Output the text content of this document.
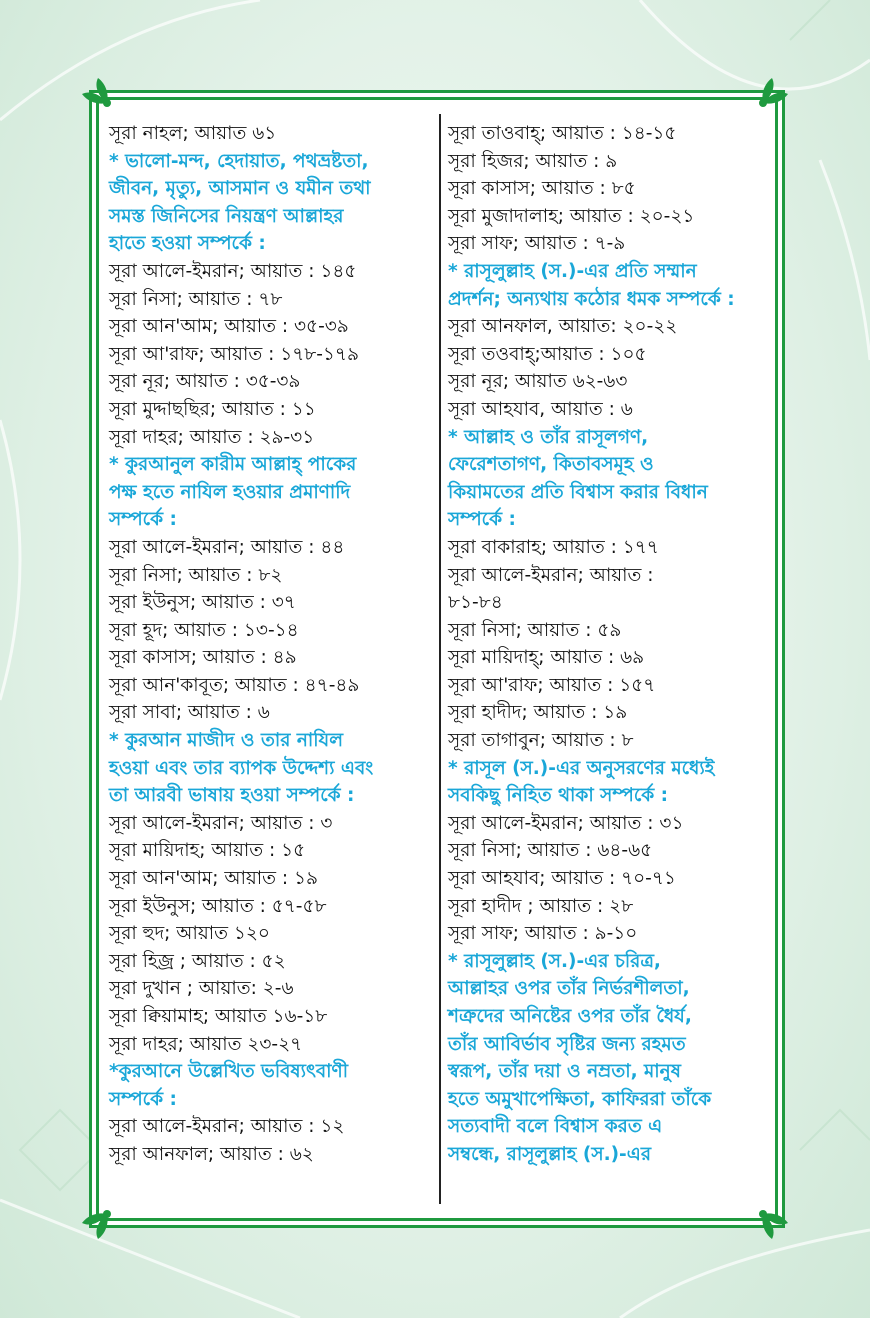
সূরা নাহল; আয়াত ৬১
* ভালো-মন্দ, হেদায়াত, পথভ্রষ্টতা,
জীবন, মৃত্যু, আসমান ও যমীন তথা
সমস্ত জিনিসের নিয়ন্ত্রণ আল্লাহর
হাতে হওয়া সম্পর্কে :
সূরা আলে-ইমরান; আয়াত : ১৪৫
সূরা নিসা; আয়াত : ৭৮
সূরা আন'আম; আয়াত : ৩৫-৩৯
সূরা আ'রাফ; আয়াত : ১৭৮-১৭৯
সূরা নূর; আয়াত : ৩৫-৩৯
সূরা মুদ্দাছছির; আয়াত : ১১
সূরা দাহর; আয়াত : ২৯-৩১
* কুরআনুল কারীম আল্লাহ্ পাকের
পক্ষ হতে নাযিল হওয়ার প্রমাণাদি
সম্পর্কে :
সূরা আলে-ইমরান; আয়াত : ৪৪
সূরা নিসা; আয়াত : ৮২
সূরা ইউনুস; আয়াত : ৩৭
সূরা হূদ; আয়াত : ১৩-১৪
সূরা কাসাস; আয়াত : ৪৯
সূরা আন'কাবূত; আয়াত : ৪৭-৪৯
সূরা সাবা; আয়াত : ৬
* কুরআন মাজীদ ও তার নাযিল
হওয়া এবং তার ব্যাপক উদ্দেশ্য এবং
তা আরবী ভাষায় হওয়া সম্পর্কে :
সূরা আলে-ইমরান; আয়াত : ৩
সূরা মায়িদাহ; আয়াত : ১৫
সূরা আন'আম; আয়াত : ১৯
সূরা ইউনুস; আয়াত : ৫৭-৫৮
সূরা হুদ; আয়াত ১২০
সূরা হিজ্র ; আয়াত : ৫২
সূরা দুখান ; আয়াত: ২-৬
সূরা ক্বিয়ামাহ; আয়াত ১৬-১৮
সূরা দাহর; আয়াত ২৩-২৭
*কুরআনে উল্লেখিত ভবিষ্যৎবাণী
সম্পর্কে :
সূরা আলে-ইমরান; আয়াত : ১২
সূরা আনফাল; আয়াত : ৬২
সূরা তাওবাহ্; আয়াত : ১৪-১৫
সূরা হিজর; আয়াত : ৯
সূরা কাসাস; আয়াত : ৮৫
সূরা মুজাদালাহ; আয়াত : ২০-২১
সূরা সাফ; আয়াত : ৭-৯
* রাসূলুল্লাহ (স.)-এর প্রতি সম্মান
প্রদর্শন; অন্যথায় কঠোর ধমক সম্পর্কে :
সূরা আনফাল, আয়াত: ২০-২২
সূরা তওবাহ্;আয়াত : ১০৫
সূরা নূর; আয়াত ৬২-৬৩
সূরা আহযাব, আয়াত : ৬
* আল্লাহ ও তাঁর রাসূলগণ,
ফেরেশতাগণ, কিতাবসমূহ ও
কিয়ামতের প্রতি বিশ্বাস করার বিধান
সম্পর্কে :
সূরা বাকারাহ; আয়াত : ১৭৭
সূরা আলে-ইমরান; আয়াত :
৮১-৮৪
সূরা নিসা; আয়াত : ৫৯
সূরা মায়িদাহ্; আয়াত : ৬৯
সূরা আ'রাফ; আয়াত : ১৫৭
সূরা হাদীদ; আয়াত : ১৯
সূরা তাগাবুন; আয়াত : ৮
* রাসূল (স.)-এর অনুসরণের মধ্যেই
সবকিছু নিহিত থাকা সম্পর্কে :
সূরা আলে-ইমরান; আয়াত : ৩১
সূরা নিসা; আয়াত : ৬৪-৬৫
সূরা আহযাব; আয়াত : ৭০-৭১
সূরা হাদীদ ; আয়াত : ২৮
সূরা সাফ; আয়াত : ৯-১০
* রাসূলুল্লাহ (স.)-এর চরিত্র,
আল্লাহর ওপর তাঁর নির্ভরশীলতা,
শত্রুদের অনিষ্টের ওপর তাঁর ধৈর্য,
তাঁর আবির্ভাব সৃষ্টির জন্য রহমত
স্বরূপ, তাঁর দয়া ও নম্রতা, মানুষ
হতে অমুখাপেক্ষিতা, কাফিররা তাঁকে
সত্যবাদী বলে বিশ্বাস করত এ
সম্বন্ধে, রাসূলুল্লাহ (স.)-এর
